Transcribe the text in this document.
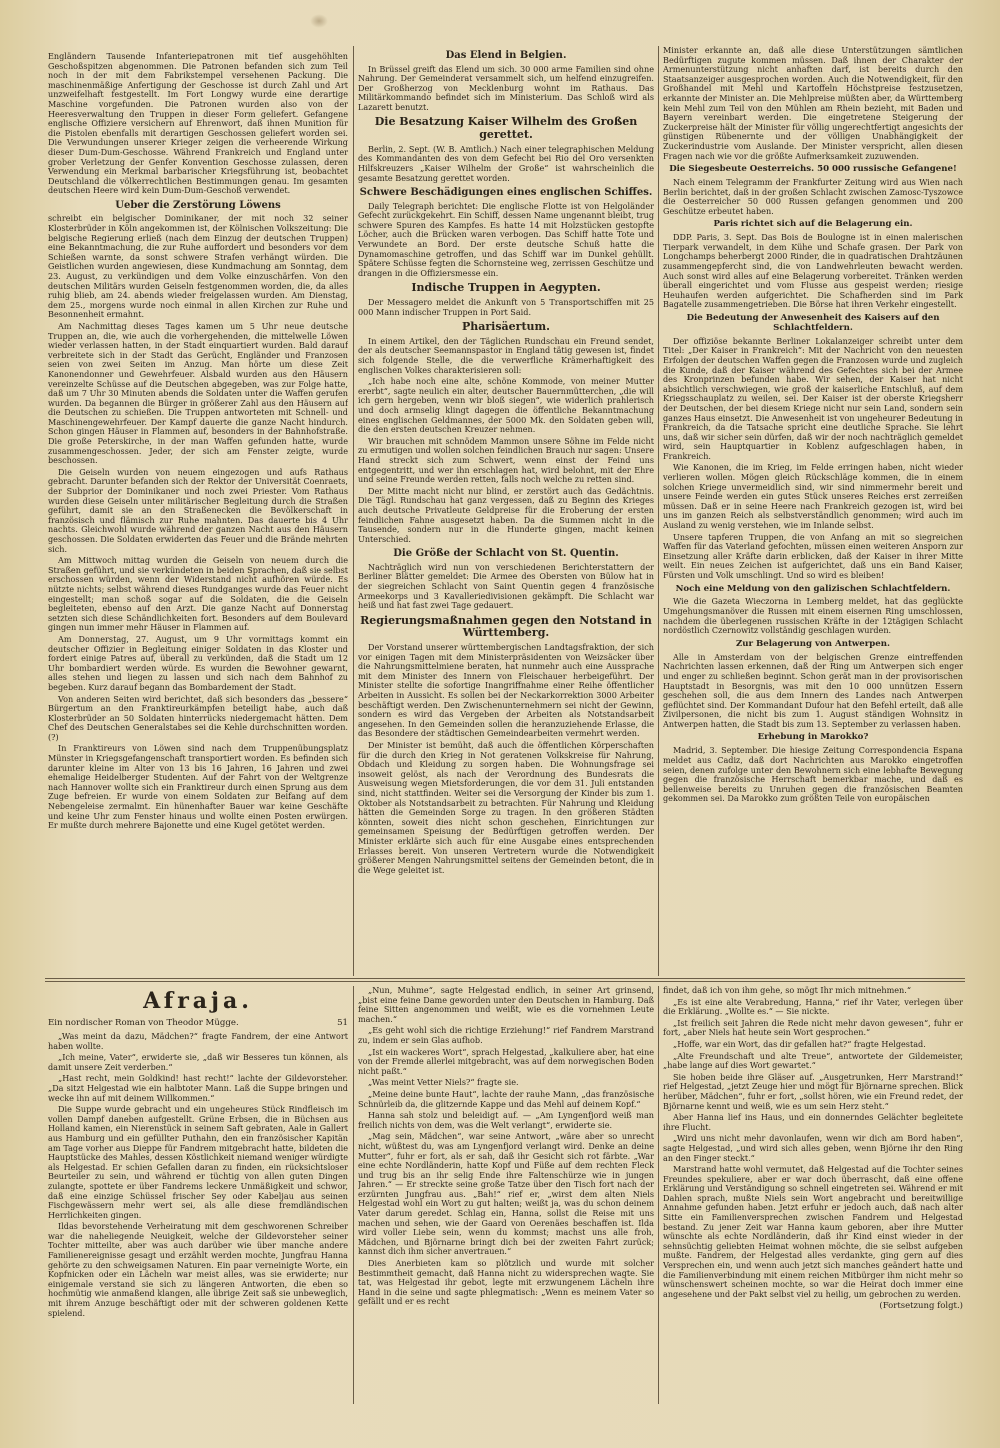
Engländern Tausende Infanteriepatronen mit tief ausgehöhlten Geschoßspitzen abgenommen. Die Patronen befanden sich zum Teil noch in der mit dem Fabrikstempel versehenen Packung. Die maschinenmäßige Anfertigung der Geschosse ist durch Zahl und Art unzweifelhaft festgestellt. Im Fort Longwy wurde eine derartige Maschine vorgefunden. Die Patronen wurden also von der Heeresverwaltung den Truppen in dieser Form geliefert. Gefangene englische Offiziere versichern auf Ehrenwort, daß ihnen Munition für die Pistolen ebenfalls mit derartigen Geschossen geliefert worden sei. Die Verwundungen unserer Krieger zeigen die verheerende Wirkung dieser Dum-Dum-Geschosse. Während Frankreich und England unter grober Verletzung der Genfer Konvention Geschosse zulassen, deren Verwendung ein Merkmal barbarischer Kriegsführung ist, beobachtet Deutschland die völkerrechtlichen Bestimmungen genau. Im gesamten deutschen Heere wird kein Dum-Dum-Geschoß verwendet.

Ueber die Zerstörung Löwens

schreibt ein belgischer Dominikaner, der mit noch 32 seiner Klosterbrüder in Köln angekommen ist, der Kölnischen Volkszeitung: Die belgische Regierung erließ (nach dem Einzug der deutschen Truppen) eine Bekanntmachung, die zur Ruhe auffordert und besonders vor dem Schießen warnte, da sonst schwere Strafen verhängt würden. Die Geistlichen wurden angewiesen, diese Kundmachung am Sonntag, dem 23. August, zu verkündigen und dem Volke einzuschärfen. Von den deutschen Militärs wurden Geiseln festgenommen worden, die, da alles ruhig blieb, am 24. abends wieder freigelassen wurden. Am Dienstag, dem 25., morgens wurde noch einmal in allen Kirchen zur Ruhe und Besonnenheit ermahnt.

Am Nachmittag dieses Tages kamen um 5 Uhr neue deutsche Truppen an, die, wie auch die vorhergehenden, die mittelwelle Löwen wieder verlassen hatten, in der Stadt einquartiert wurden. Bald darauf verbreitete sich in der Stadt das Gerücht, Engländer und Franzosen seien von zwei Seiten im Anzug. Man hörte um diese Zeit Kanonendonner und Gewehrfeuer. Alsbald wurden aus den Häusern vereinzelte Schüsse auf die Deutschen abgegeben, was zur Folge hatte, daß um 7 Uhr 30 Minuten abends die Soldaten unter die Waffen gerufen wurden. Da begannen die Bürger in größerer Zahl aus den Häusern auf die Deutschen zu schießen. Die Truppen antworteten mit Schnell- und Maschinengewehrfeuer. Der Kampf dauerte die ganze Nacht hindurch. Schon gingen Häuser in Flammen auf, besonders in der Bahnhofstraße. Die große Peterskirche, in der man Waffen gefunden hatte, wurde zusammengeschossen. Jeder, der sich am Fenster zeigte, wurde beschossen.

Die Geiseln wurden von neuem eingezogen und aufs Rathaus gebracht. Darunter befanden sich der Rektor der Universität Coenraets, der Subprior der Dominikaner und noch zwei Priester. Vom Rathaus wurden diese Geiseln unter militärischer Begleitung durch die Straßen geführt, damit sie an den Straßenecken die Bevölkerschaft in französisch und flämisch zur Ruhe mahnten. Das dauerte bis 4 Uhr nachts. Gleichwohl wurde während der ganzen Nacht aus den Häusern geschossen. Die Soldaten erwiderten das Feuer und die Brände mehrten sich.

Am Mittwoch mittag wurden die Geiseln von neuem durch die Straßen geführt, und sie verkündeten in beiden Sprachen, daß sie selbst erschossen würden, wenn der Widerstand nicht aufhören würde. Es nützte nichts; selbst während dieses Rundganges wurde das Feuer nicht eingestellt; man schoß sogar auf die Soldaten, die die Geiseln begleiteten, ebenso auf den Arzt. Die ganze Nacht auf Donnerstag setzten sich diese Schändlichkeiten fort. Besonders auf dem Boulevard gingen nun immer mehr Häuser in Flammen auf.

Am Donnerstag, 27. August, um 9 Uhr vormittags kommt ein deutscher Offizier in Begleitung einiger Soldaten in das Kloster und fordert einige Patres auf, überall zu verkünden, daß die Stadt um 12 Uhr bombardiert werden würde. Es wurden die Bewohner gewarnt, alles stehen und liegen zu lassen und sich nach dem Bahnhof zu begeben. Kurz darauf begann das Bombardement der Stadt.

Von anderen Seiten wird berichtet, daß sich besonders das „bessere“ Bürgertum an den Franktireurkämpfen beteiligt habe, auch daß Klosterbrüder an 50 Soldaten hinterrücks niedergemacht hätten. Dem Chef des Deutschen Generalstabes sei die Kehle durchschnitten worden. (?)

In Franktireurs von Löwen sind nach dem Truppenübungsplatz Münster in Kriegsgefangenschaft transportiert worden. Es befinden sich darunter kleine im Alter von 13 bis 16 Jahren, 16 Jahren und zwei ehemalige Heidelberger Studenten. Auf der Fahrt von der Weltgrenze nach Hannover wollte sich ein Franktireur durch einen Sprung aus dem Zuge befreien. Er wurde von einem Soldaten zur Beifang auf dem Nebengeleise zermalmt. Ein hünenhafter Bauer war keine Geschäfte und keine Uhr zum Fenster hinaus und wollte einen Posten erwürgen. Er mußte durch mehrere Bajonette und eine Kugel getötet werden.

Das Elend in Belgien.

In Brüssel greift das Elend um sich. 30 000 arme Familien sind ohne Nahrung. Der Gemeinderat versammelt sich, um helfend einzugreifen. Der Großherzog von Mecklenburg wohnt im Rathaus. Das Militärkommando befindet sich im Ministerium. Das Schloß wird als Lazarett benutzt.

Die Besatzung Kaiser Wilhelm des Großen gerettet.

Berlin, 2. Sept. (W. B. Amtlich.) Nach einer telegraphischen Meldung des Kommandanten des von dem Gefecht bei Rio del Oro versenkten Hilfskreuzers „Kaiser Wilhelm der Große“ ist wahrscheinlich die gesamte Besatzung gerettet worden.

Schwere Beschädigungen eines englischen Schiffes.

Daily Telegraph berichtet: Die englische Flotte ist von Helgoländer Gefecht zurückgekehrt. Ein Schiff, dessen Name ungenannt bleibt, trug schwere Spuren des Kampfes. Es hatte 14 mit Holzstücken gestopfte Löcher, auch die Brücken waren verbogen. Das Schiff hatte Tote und Verwundete an Bord. Der erste deutsche Schuß hatte die Dynamomaschine getroffen, und das Schiff war im Dunkel gehüllt. Spätere Schüsse fegten die Schornsteine weg, zerrissen Geschütze und drangen in die Offiziersmesse ein.

Indische Truppen in Aegypten.

Der Messagero meldet die Ankunft von 5 Transportschiffen mit 25 000 Mann indischer Truppen in Port Said.

Pharisäertum.

In einem Artikel, den der Täglichen Rundschau ein Freund sendet, der als deutscher Seemannspastor in England tätig gewesen ist, findet sich folgende Stelle, die die verwerfliche Krämerhaftigkeit des englischen Volkes charakterisieren soll:

„Ich habe noch eine alte, schöne Kommode, von meiner Mutter ererbt“, sagte neulich ein alter, deutscher Bauernmütterchen, „die will ich gern hergeben, wenn wir bloß siegen“, wie widerlich prahlerisch und doch armselig klingt dagegen die öffentliche Bekanntmachung eines englischen Geldmannes, der 5000 Mk. den Soldaten geben will, die den ersten deutschen Kreuzer nehmen.

Wir brauchen mit schnödem Mammon unsere Söhne im Felde nicht zu ermutigen und wollen solchen feindlichen Brauch nur sagen: Unsere Hand streckt sich zum Schwert, wenn einst der Feind uns entgegentritt, und wer ihn erschlagen hat, wird belohnt, mit der Ehre und seine Freunde werden retten, falls noch welche zu retten sind.

Der Mitte macht nicht nur blind, er zerstört auch das Gedächtnis. Die Tägl. Rundschau hat ganz vergessen, daß zu Beginn des Krieges auch deutsche Privatleute Geldpreise für die Eroberung der ersten feindlichen Fahne ausgesetzt haben. Da die Summen nicht in die Tausende, sondern nur in die Hunderte gingen, macht keinen Unterschied.

Die Größe der Schlacht von St. Quentin.

Nachträglich wird nun von verschiedenen Berichterstattern der Berliner Blätter gemeldet: Die Armee des Obersten von Bülow hat in der siegreichen Schlacht von Saint Quentin gegen 4 französische Armeekorps und 3 Kavalleriedivisionen gekämpft. Die Schlacht war heiß und hat fast zwei Tage gedauert.

Regierungsmaßnahmen gegen den Notstand in Württemberg.

Der Vorstand unserer württembergischen Landtagsfraktion, der sich vor einigen Tagen mit dem Ministerpräsidenten von Weizsäcker über die Nahrungsmittelmiene beraten, hat nunmehr auch eine Aussprache mit dem Minister des Innern von Fleischauer herbeigeführt. Der Minister stellte die sofortige Inangriffnahme einer Reihe öffentlicher Arbeiten in Aussicht. Es sollen bei der Neckarkorrektion 3000 Arbeiter beschäftigt werden. Den Zwischenunternehmern sei nicht der Gewinn, sondern es wird das Vergeben der Arbeiten als Notstandsarbeit angesehen. In den Gemeinden sollen die heranzuziehende Erlasse, die das Besondere der städtischen Gemeindearbeiten vermehrt werden.

Der Minister ist bemüht, daß auch die öffentlichen Körperschaften für die durch den Krieg in Not geratenen Volkskreise für Nahrung, Obdach und Kleidung zu sorgen haben. Die Wohnungsfrage sei insoweit gelöst, als nach der Verordnung des Bundesrats die Ausweisung wegen Mietsforderungen, die vor dem 31. Juli entstanden sind, nicht stattfinden. Weiter sei die Versorgung der Kinder bis zum 1. Oktober als Notstandsarbeit zu betrachten. Für Nahrung und Kleidung hätten die Gemeinden Sorge zu tragen. In den größeren Städten könnten, soweit dies nicht schon geschehen, Einrichtungen zur gemeinsamen Speisung der Bedürftigen getroffen werden. Der Minister erklärte sich auch für eine Ausgabe eines entsprechenden Erlasses bereit. Von unseren Vertretern wurde die Notwendigkeit größerer Mengen Nahrungsmittel seitens der Gemeinden betont, die in die Wege geleitet ist.

Minister erkannte an, daß alle diese Unterstützungen sämtlichen Bedürftigen zugute kommen müssen. Daß ihnen der Charakter der Armenunterstützung nicht anhaften darf, ist bereits durch den Staatsanzeiger ausgesprochen worden. Auch die Notwendigkeit, für den Großhandel mit Mehl und Kartoffeln Höchstpreise festzusetzen, erkannte der Minister an. Die Mehlpreise müßten aber, da Württemberg kein Mehl zum Teil von den Mühlen am Rhein bezieht, mit Baden und Bayern vereinbart werden. Die eingetretene Steigerung der Zuckerpreise hält der Minister für völlig ungerechtfertigt angesichts der günstigen Rübenernte und der völligen Unabhängigkeit der Zuckerindustrie vom Auslande. Der Minister verspricht, allen diesen Fragen nach wie vor die größte Aufmerksamkeit zuzuwenden.

Die Siegesbeute Oesterreichs. 50 000 russische Gefangene!

Nach einem Telegramm der Frankfurter Zeitung wird aus Wien nach Berlin berichtet, daß in der großen Schlacht zwischen Zamosc-Tyszowce die Oesterreicher 50 000 Russen gefangen genommen und 200 Geschütze erbeutet haben.

Paris richtet sich auf die Belagerung ein.

DDP. Paris, 3. Sept. Das Bois de Boulogne ist in einen malerischen Tierpark verwandelt, in dem Kühe und Schafe grasen. Der Park von Longchamps beherbergt 2000 Rinder, die in quadratischen Drahtzäunen zusammengepfercht sind, die von Landwehrleuten bewacht werden. Auch sonst wird alles auf eine Belagerung vorbereitet. Tränken werden überall eingerichtet und vom Flusse aus gespeist werden; riesige Heuhaufen werden aufgerichtet. Die Schafherden sind im Park Bagatelle zusammengetrieben. Die Börse hat ihren Verkehr eingestellt.

Die Bedeutung der Anwesenheit des Kaisers auf den Schlachtfeldern.

Der offiziöse bekannte Berliner Lokalanzeiger schreibt unter dem Titel: „Der Kaiser in Frankreich“: Mit der Nachricht von den neuesten Erfolgen der deutschen Waffen gegen die Franzosen wurde und zugleich die Kunde, daß der Kaiser während des Gefechtes sich bei der Armee des Kronprinzen befunden habe. Wir sehen, der Kaiser hat nicht absichtlich verschwiegen, wie groß der kaiserliche Entschluß, auf dem Kriegsschauplatz zu weilen, sei. Der Kaiser ist der oberste Kriegsherr der Deutschen, der bei diesem Kriege nicht nur sein Land, sondern sein ganzes Haus einsetzt. Die Anwesenheit ist von ungeheurer Bedeutung in Frankreich, da die Tatsache spricht eine deutliche Sprache. Sie lehrt uns, daß wir sicher sein dürfen, daß wir der noch nachträglich gemeldet wird, sein Hauptquartier in Koblenz aufgeschlagen haben, in Frankreich.

Wie Kanonen, die im Krieg, im Felde erringen haben, nicht wieder verlieren wollen. Mögen gleich Rückschläge kommen, die in einem solchen Kriege unvermeidlich sind, wir sind nimmermehr bereit und unsere Feinde werden ein gutes Stück unseres Reiches erst zerreißen müssen. Daß er in seine Heere nach Frankreich gezogen ist, wird bei uns im ganzen Reich als selbstverständlich genommen; wird auch im Ausland zu wenig verstehen, wie im Inlande selbst.

Unsere tapferen Truppen, die von Anfang an mit so siegreichen Waffen für das Vaterland gefochten, müssen einen weiteren Ansporn zur Einsetzung aller Kräfte darin erblicken, daß der Kaiser in ihrer Mitte weilt. Ein neues Zeichen ist aufgerichtet, daß uns ein Band Kaiser, Fürsten und Volk umschlingt. Und so wird es bleiben!

Noch eine Meldung von den galizischen Schlachtfeldern.

Wie die Gazeta Wieczorna in Lemberg meldet, hat das geglückte Umgehungsmanöver die Russen mit einem eisernen Ring umschlossen, nachdem die überlegenen russischen Kräfte in der 12tägigen Schlacht nordöstlich Czernowitz vollständig geschlagen wurden.

Zur Belagerung von Antwerpen.

Alle in Amsterdam von der belgischen Grenze eintreffenden Nachrichten lassen erkennen, daß der Ring um Antwerpen sich enger und enger zu schließen beginnt. Schon gerät man in der provisorischen Hauptstadt in Besorgnis, was mit den 10 000 unnützen Essern geschehen soll, die aus dem Innern des Landes nach Antwerpen geflüchtet sind. Der Kommandant Dufour hat den Befehl erteilt, daß alle Zivilpersonen, die nicht bis zum 1. August ständigen Wohnsitz in Antwerpen hatten, die Stadt bis zum 13. September zu verlassen haben.

Erhebung in Marokko?

Madrid, 3. September. Die hiesige Zeitung Correspondencia Espana meldet aus Cadiz, daß dort Nachrichten aus Marokko eingetroffen seien, denen zufolge unter den Bewohnern sich eine lebhafte Bewegung gegen die französische Herrschaft bemerkbar mache, und daß es bellenweise bereits zu Unruhen gegen die französischen Beamten gekommen sei. Da Marokko zum größten Teile von europäischen

Afraja.
Ein nordischer Roman von Theodor Mügge.	51

„Was meint da dazu, Mädchen?“ fragte Fandrem, der eine Antwort haben wollte.

„Ich meine, Vater“, erwiderte sie, „daß wir Besseres tun können, als damit unsere Zeit verderben.“

„Hast recht, mein Goldkind! hast recht!“ lachte der Gildevorsteher. „Da sitzt Helgestad wie ein halbtoter Mann. Laß die Suppe bringen und wecke ihn auf mit deinem Willkommen.“

Die Suppe wurde gebracht und ein ungeheures Stück Rindfleisch im vollen Dampf daneben aufgestellt. Grüne Erbsen, die in Büchsen aus Holland kamen, ein Nierenstück in seinem Saft gebraten, Aale in Gallert aus Hamburg und ein gefüllter Puthahn, den ein französischer Kapitän am Tage vorher aus Dieppe für Fandrem mitgebracht hatte, bildeten die Hauptstücke des Mahles, dessen Köstlichkeit niemand weniger würdigte als Helgestad. Er schien Gefallen daran zu finden, ein rücksichtsloser Beurteiler zu sein, und während er tüchtig von allen guten Dingen zulangte, spottete er über Fandrems leckere Unmäßigkeit und schwor, daß eine einzige Schüssel frischer Sey oder Kabeljau aus seinen Fischgewässern mehr wert sei, als alle diese fremdländischen Herrlichkeiten gingen.

Ildas bevorstehende Verheiratung mit dem geschworenen Schreiber war die naheliegende Neuigkeit, welche der Gildevorsteher seiner Tochter mitteilte, aber was auch darüber wie über manche andere Familienereignisse gesagt und erzählt werden mochte, Jungfrau Hanna gehörte zu den schweigsamen Naturen. Ein paar verneinigte Worte, ein Kopfnicken oder ein Lächeln war meist alles, was sie erwiderte; nur einigemale verstand sie sich zu längeren Antworten, die eben so hochmütig wie anmaßend klangen, alle übrige Zeit saß sie unbeweglich, mit ihrem Anzuge beschäftigt oder mit der schweren goldenen Kette spielend.

„Nun, Muhme“, sagte Helgestad endlich, in seiner Art grinsend, „bist eine feine Dame geworden unter den Deutschen in Hamburg. Daß feine Sitten angenommen und weißt, wie es die vornehmen Leute machen.“

„Es geht wohl sich die richtige Erziehung!“ rief Fandrem Marstrand zu, indem er sein Glas aufhob.

„Ist ein wackeres Wort“, sprach Helgestad, „kalkuliere aber, hat eine von der Fremde allerlei mitgebracht, was auf dem norwegischen Boden nicht paßt.“

„Was meint Vetter Niels?“ fragte sie.

„Meine deine bunte Haut“, lachte der rauhe Mann, „das französische Schnürleib da, die glitzernde Kappe und das Mehl auf deinem Kopf.“

Hanna sah stolz und beleidigt auf. — „Am Lyngenfjord weiß man freilich nichts von dem, was die Welt verlangt“, erwiderte sie.

„Mag sein, Mädchen“, war seine Antwort, „wäre aber so unrecht nicht, wüßtest du, was am Lyngenfjord verlangt wird. Denke an deine Mutter“, fuhr er fort, als er sah, daß ihr Gesicht sich rot färbte. „War eine echte Nordländerin, hatte Kopf und Füße auf dem rechten Fleck und trug bis an ihr selig Ende ihre Faltenschürze wie in jungen Jahren.“ — Er streckte seine große Tatze über den Tisch fort nach der erzürnten Jungfrau aus. „Bah!“ rief er, „wirst dem alten Niels Helgestad wohl ein Wort zu gut halten; weißt ja, was du schon deinem Vater darum geredet. Schlag ein, Hanna, sollst die Reise mit uns machen und sehen, wie der Gaard von Oerenäes beschaffen ist. Ilda wird voller Liebe sein, wenn du kommst; machst uns alle froh, Mädchen, und Björnarne bringt dich bei der zweiten Fahrt zurück; kannst dich ihm sicher anvertrauen.“

Dies Anerbieten kam so plötzlich und wurde mit solcher Bestimmtheit gemacht, daß Hanna nicht zu widersprechen wagte. Sie tat, was Helgestad ihr gebot, legte mit erzwungenem Lächeln ihre Hand in die seine und sagte phlegmatisch: „Wenn es meinem Vater so gefällt und er es recht

findet, daß ich von ihm gehe, so mögt Ihr mich mitnehmen.“

„Es ist eine alte Verabredung, Hanna,“ rief ihr Vater, verlegen über die Erklärung. „Wollte es.“ — Sie nickte.

„Ist freilich seit Jahren die Rede nicht mehr davon gewesen“, fuhr er fort, „aber Niels hat heute sein Wort gesprochen.“

„Hoffe, war ein Wort, das dir gefallen hat?“ fragte Helgestad.

„Alte Freundschaft und alte Treue“, antwortete der Gildemeister, „habe lange auf dies Wort gewartet.“

Sie hoben beide ihre Gläser auf. „Ausgetrunken, Herr Marstrand!“ rief Helgestad, „jetzt Zeuge hier und mögt für Björnarne sprechen. Blick herüber, Mädchen“, fuhr er fort, „sollst hören, wie ein Freund redet, der Björnarne kennt und weiß, wie es um sein Herz steht.“

Aber Hanna lief ins Haus, und ein donnerndes Gelächter begleitete ihre Flucht.

„Wird uns nicht mehr davonlaufen, wenn wir dich am Bord haben“, sagte Helgestad, „und wird sich alles geben, wenn Björne ihr den Ring an den Finger steckt.“

Marstrand hatte wohl vermutet, daß Helgestad auf die Tochter seines Freundes spekuliere, aber er war doch überrascht, daß eine offene Erklärung und Verständigung so schnell eingetreten sei. Während er mit Dahlen sprach, mußte Niels sein Wort angebracht und bereitwillige Annahme gefunden haben. Jetzt erfuhr er jedoch auch, daß nach alter Sitte ein Familienversprechen zwischen Fandrem und Helgestad bestand. Zu jener Zeit war Hanna kaum geboren, aber ihre Mutter wünschte als echte Nordländerin, daß ihr Kind einst wieder in der sehnsüchtig geliebten Heimat wohnen möchte, die sie selbst aufgeben mußte. Fandrem, der Helgestad alles verdankte, ging gern auf dies Versprechen ein, und wenn auch jetzt sich manches geändert hatte und die Familienverbindung mit einem reichen Mitbürger ihm nicht mehr so wünschenswert scheinen mochte, so war die Heirat doch immer eine angesehene und der Pakt selbst viel zu heilig, um gebrochen zu werden.

(Fortsetzung folgt.)
